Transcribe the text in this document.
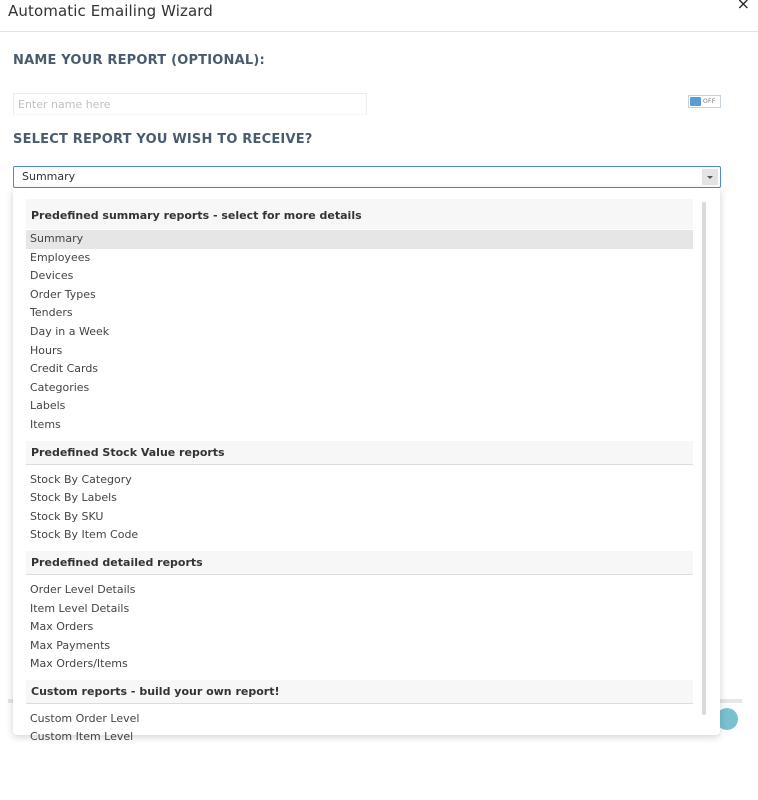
Automatic Emailing Wizard	×
NAME YOUR REPORT (OPTIONAL):
Enter name here
OFF
SELECT REPORT YOU WISH TO RECEIVE?
Summary
Predefined summary reports - select for more details
Summary
Employees
Devices
Order Types
Tenders
Day in a Week
Hours
Credit Cards
Categories
Labels
Items
Predefined Stock Value reports
Stock By Category
Stock By Labels
Stock By SKU
Stock By Item Code
Predefined detailed reports
Order Level Details
Item Level Details
Max Orders
Max Payments
Max Orders/Items
Custom reports - build your own report!
Custom Order Level
Custom Item Level
